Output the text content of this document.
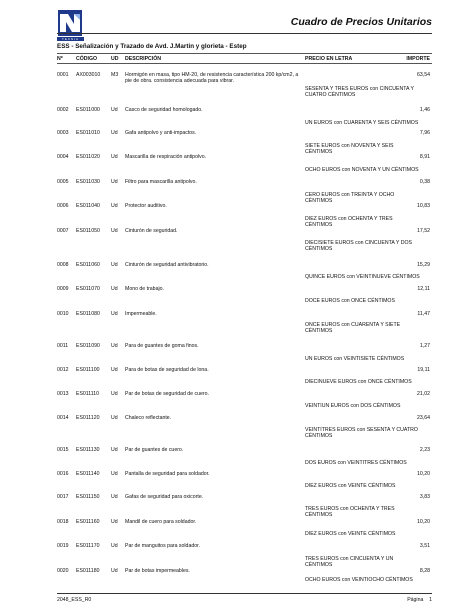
TECNIA
Cuadro de Precios Unitarios
ESS - Señalización y Trazado de Avd. J.Martin y glorieta - Estep
Nº	CÓDIGO	UD DESCRIPCIÓN	PRECIO EN LETRA	IMPORTE
0001 AX003010 M3 Hormigón en masa, tipo HM-20, de resistencia característica 200 kp/cm2, a pie de obra. consistencia adecuada para vibrar.
63,54
SESENTA Y TRES EUROS con CINCUENTA Y CUATRO CÉNTIMOS
0002 ES011000 Ud Casco de seguridad homologado.	1,46
UN EUROS con CUARENTA Y SEIS CÉNTIMOS
0003 ES011010 Ud Gafa antipolvo y anti-impactos.	7,96
SIETE EUROS con NOVENTA Y SEIS CÉNTIMOS
0004 ES011020 Ud Mascarilla de respiración antipolvo.	8,91
OCHO EUROS con NOVENTA Y UN CÉNTIMOS
0005 ES011030 Ud Filtro para mascarilla antipolvo.	0,38
CERO EUROS con TREINTA Y OCHO CÉNTIMOS
0006 ES011040 Ud Protector auditivo.	10,83
DIEZ EUROS con OCHENTA Y TRES CÉNTIMOS
0007 ES011050 Ud Cinturón de seguridad.	17,52
DIECISIETE EUROS con CINCUENTA Y DOS CÉNTIMOS
0008 ES011060 Ud Cinturón de seguridad antivibratorio.	15,29
QUINCE EUROS con VEINTINUEVE CÉNTIMOS
0009 ES011070 Ud Mono de trabajo.	12,11
DOCE EUROS con ONCE CÉNTIMOS
0010 ES011080 Ud Impermeable.	11,47
ONCE EUROS con CUARENTA Y SIETE CÉNTIMOS
0011 ES011090 Ud Para de guantes de goma finos.	1,27
UN EUROS con VEINTISIETE CÉNTIMOS
0012 ES011100 Ud Para de botas de seguridad de lona.	19,11
DIECINUEVE EUROS con ONCE CÉNTIMOS
0013 ES011110 Ud Par de botas de seguridad de cuero.	21,02
VEINTIUN EUROS con DOS CÉNTIMOS
0014 ES011120 Ud Chaleco reflectante.	23,64
VEINTITRES EUROS con SESENTA Y CUATRO CÉNTIMOS
0015 ES011130 Ud Par de guantes de cuero.	2,23
DOS EUROS con VEINTITRES CÉNTIMOS
0016 ES011140 Ud Pantalla de seguridad para soldador.	10,20
DIEZ EUROS con VEINTE CÉNTIMOS
0017 ES011150 Ud Gafas de seguridad para oxicorte.	3,83
TRES EUROS con OCHENTA Y TRES CÉNTIMOS
0018 ES011160 Ud Mandil de cuero para soldador.	10,20
DIEZ EUROS con VEINTE CÉNTIMOS
0019 ES011170 Ud Par de manguitos para soldador.	3,51
TRES EUROS con CINCUENTA Y UN CÉNTIMOS
0020 ES011180 Ud Par de botas impermeables.	8,28
OCHO EUROS con VEINTIOCHO CÉNTIMOS
2048_ESS_R0	Página 1
